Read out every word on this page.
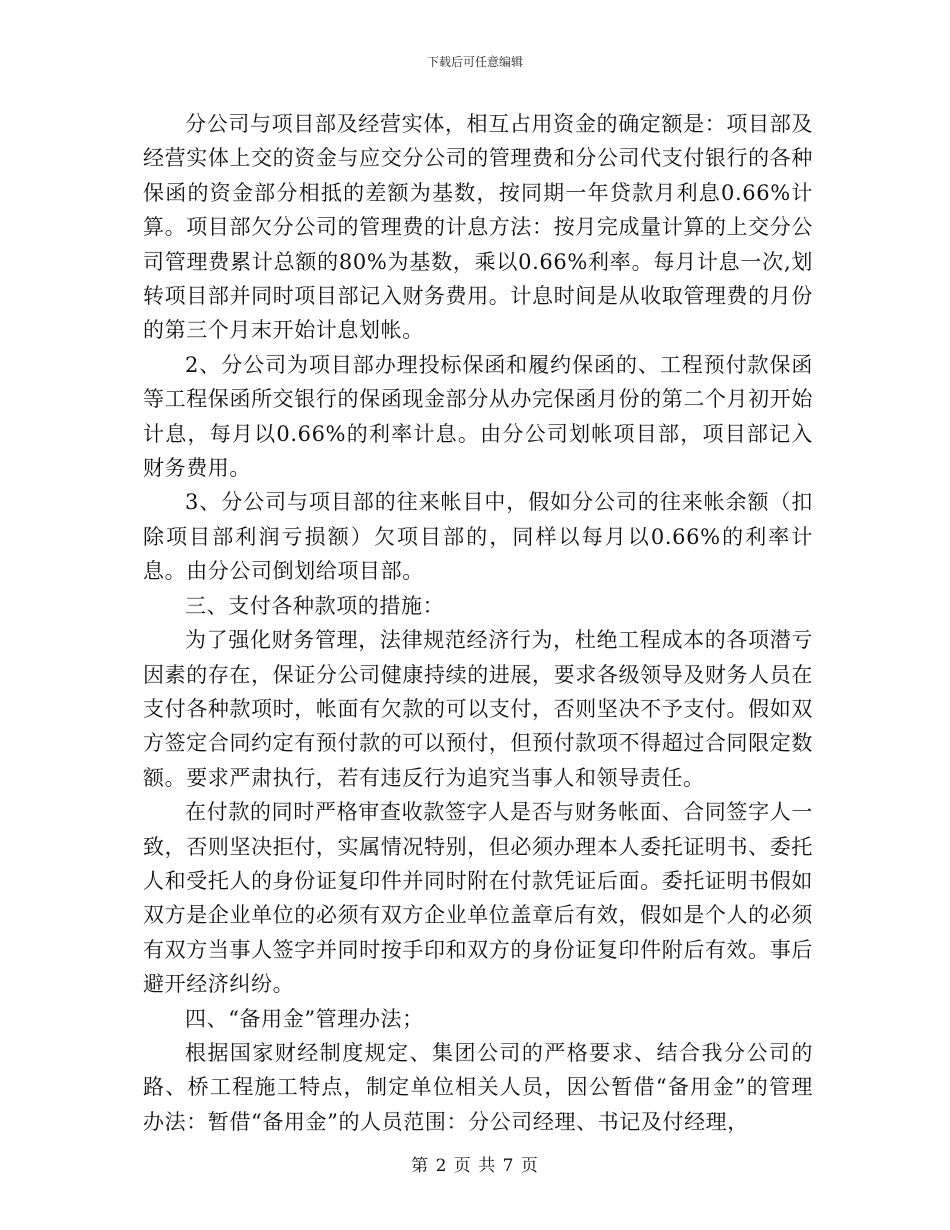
下载后可任意编辑

分公司与项目部及经营实体，相互占用资金的确定额是：项目部及经营实体上交的资金与应交分公司的管理费和分公司代支付银行的各种保函的资金部分相抵的差额为基数，按同期一年贷款月利息0.66%计算。项目部欠分公司的管理费的计息方法：按月完成量计算的上交分公司管理费累计总额的80%为基数，乘以0.66%利率。每月计息一次,划转项目部并同时项目部记入财务费用。计息时间是从收取管理费的月份的第三个月末开始计息划帐。

2、分公司为项目部办理投标保函和履约保函的、工程预付款保函等工程保函所交银行的保函现金部分从办完保函月份的第二个月初开始计息，每月以0.66%的利率计息。由分公司划帐项目部，项目部记入财务费用。

3、分公司与项目部的往来帐目中，假如分公司的往来帐余额（扣除项目部利润亏损额）欠项目部的，同样以每月以0.66%的利率计息。由分公司倒划给项目部。

三、支付各种款项的措施：

为了强化财务管理，法律规范经济行为，杜绝工程成本的各项潜亏因素的存在，保证分公司健康持续的进展，要求各级领导及财务人员在支付各种款项时，帐面有欠款的可以支付，否则坚决不予支付。假如双方签定合同约定有预付款的可以预付，但预付款项不得超过合同限定数额。要求严肃执行，若有违反行为追究当事人和领导责任。

在付款的同时严格审查收款签字人是否与财务帐面、合同签字人一致，否则坚决拒付，实属情况特别，但必须办理本人委托证明书、委托人和受托人的身份证复印件并同时附在付款凭证后面。委托证明书假如双方是企业单位的必须有双方企业单位盖章后有效，假如是个人的必须有双方当事人签字并同时按手印和双方的身份证复印件附后有效。事后避开经济纠纷。

四、“备用金”管理办法；

根据国家财经制度规定、集团公司的严格要求、结合我分公司的路、桥工程施工特点，制定单位相关人员，因公暂借“备用金”的管理办法：暂借“备用金”的人员范围：分公司经理、书记及付经理，

第 2 页 共 7 页
